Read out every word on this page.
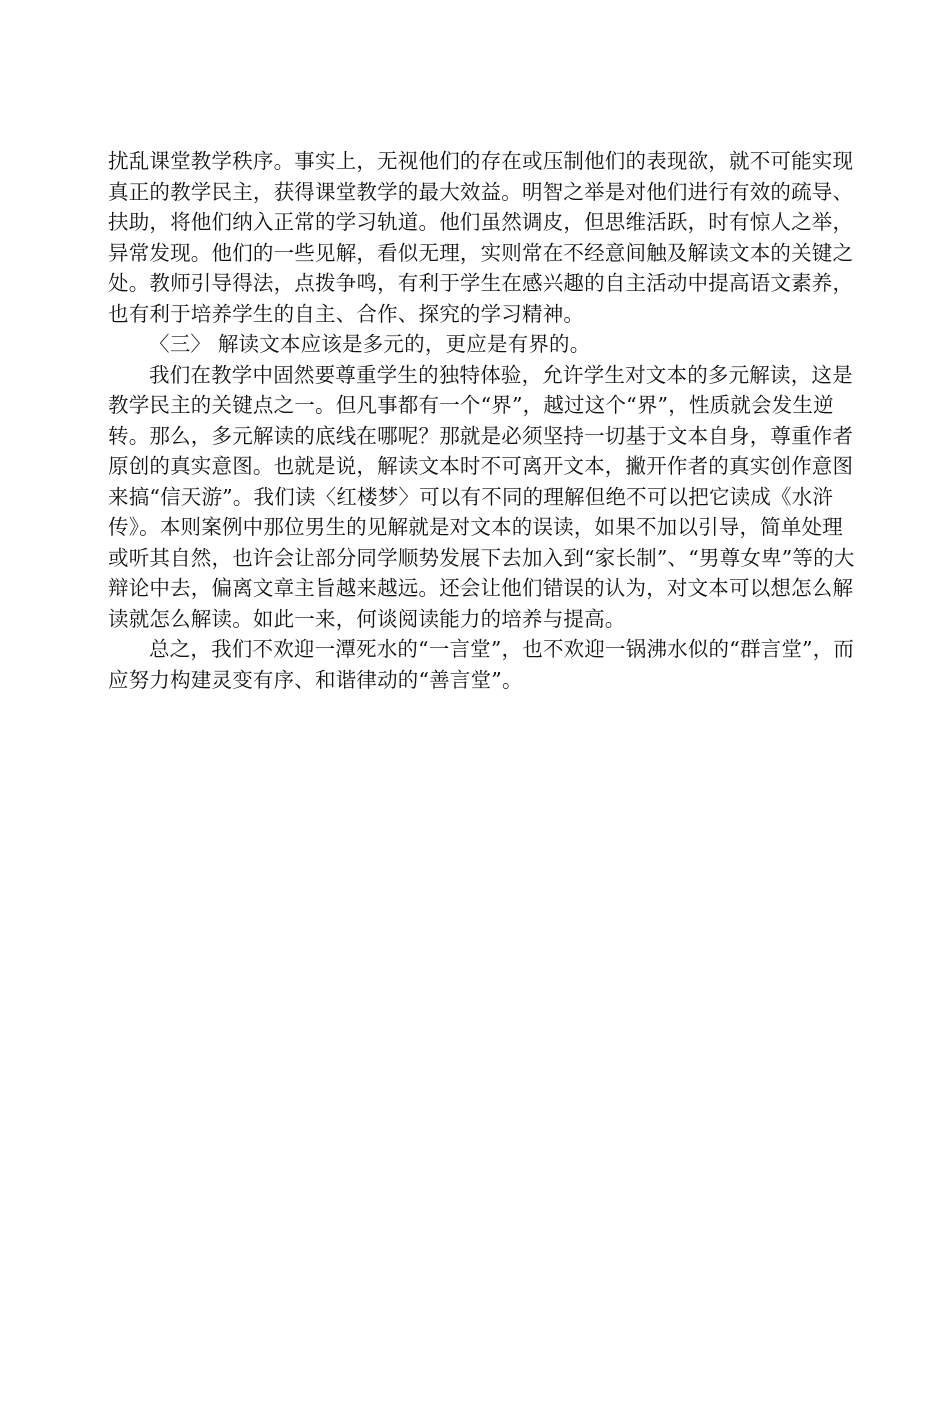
扰乱课堂教学秩序。事实上，无视他们的存在或压制他们的表现欲，就不可能实现真正的教学民主，获得课堂教学的最大效益。明智之举是对他们进行有效的疏导、扶助，将他们纳入正常的学习轨道。他们虽然调皮，但思维活跃，时有惊人之举，异常发现。他们的一些见解，看似无理，实则常在不经意间触及解读文本的关键之处。教师引导得法，点拨争鸣，有利于学生在感兴趣的自主活动中提高语文素养，也有利于培养学生的自主、合作、探究的学习精神。

〈三〉 解读文本应该是多元的，更应是有界的。

我们在教学中固然要尊重学生的独特体验，允许学生对文本的多元解读，这是教学民主的关键点之一。但凡事都有一个“界”，越过这个“界”，性质就会发生逆转。那么，多元解读的底线在哪呢？那就是必须坚持一切基于文本自身，尊重作者原创的真实意图。也就是说，解读文本时不可离开文本，撇开作者的真实创作意图来搞“信天游”。我们读〈红楼梦〉可以有不同的理解但绝不可以把它读成《水浒传》。本则案例中那位男生的见解就是对文本的误读，如果不加以引导，简单处理或听其自然，也许会让部分同学顺势发展下去加入到“家长制”、“男尊女卑”等的大辩论中去，偏离文章主旨越来越远。还会让他们错误的认为，对文本可以想怎么解读就怎么解读。如此一来，何谈阅读能力的培养与提高。

总之，我们不欢迎一潭死水的“一言堂”，也不欢迎一锅沸水似的“群言堂”，而应努力构建灵变有序、和谐律动的“善言堂”。
